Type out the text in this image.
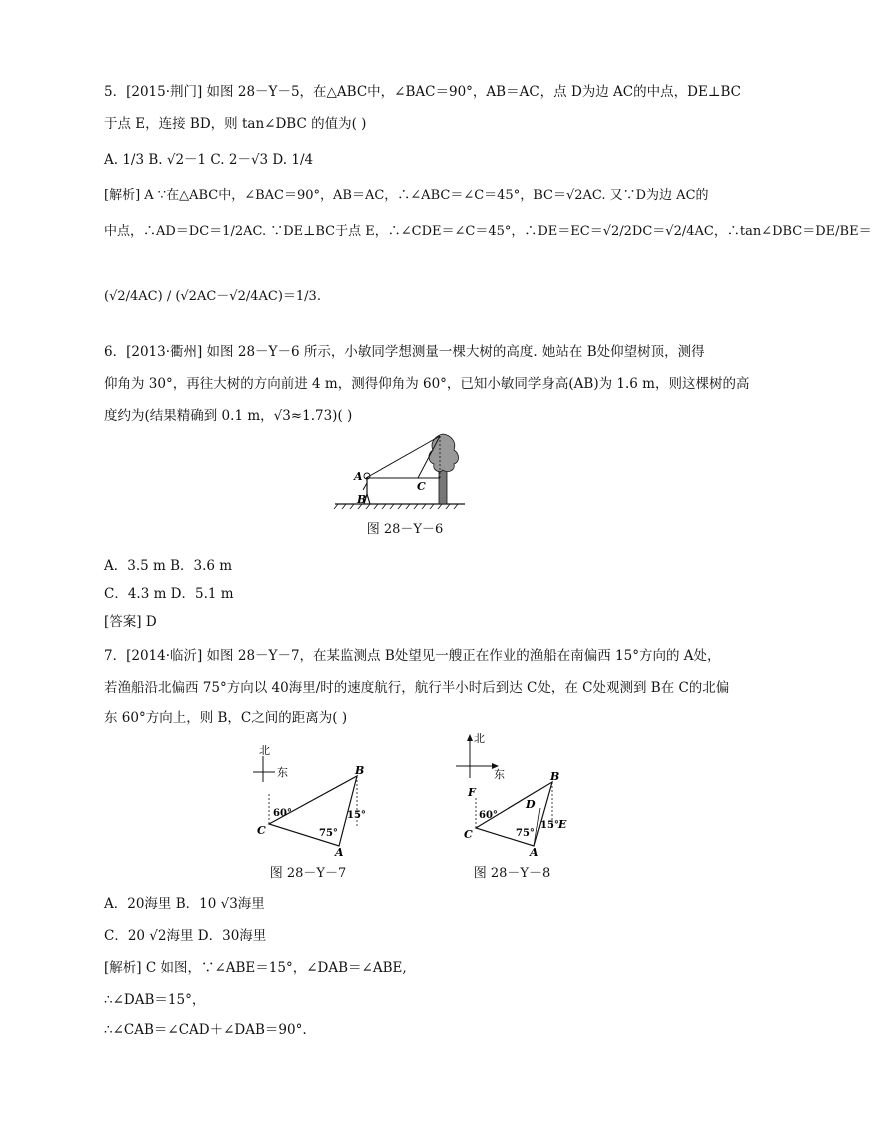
5．[2015·荆门] 如图 28－Y－5，在△ABC中，∠BAC＝90°，AB＝AC，点 D为边 AC的中点，DE⊥BC
于点 E，连接 BD，则 tan∠DBC 的值为( )
A. 1/3 B. √2－1 C. 2－√3 D. 1/4
[解析] A ∵在△ABC中，∠BAC＝90°，AB＝AC，∴∠ABC＝∠C＝45°，BC＝√2AC. 又∵D为边 AC的
中点，∴AD＝DC＝1/2AC. ∵DE⊥BC于点 E，∴∠CDE＝∠C＝45°，∴DE＝EC＝√2/2DC＝√2/4AC，∴tan∠DBC＝DE/BE＝
(√2/4AC) / (√2AC－√2/4AC)＝1/3.
6．[2013·衢州] 如图 28－Y－6 所示，小敏同学想测量一棵大树的高度. 她站在 B处仰望树顶，测得
仰角为 30°，再往大树的方向前进 4 m，测得仰角为 60°，已知小敏同学身高(AB)为 1.6 m，则这棵树的高
度约为(结果精确到 0.1 m，√3≈1.73)( )
A
B
C
图 28－Y－6
A．3.5 m B．3.6 m
C．4.3 m D．5.1 m
[答案] D
7．[2014·临沂] 如图 28－Y－7，在某监测点 B处望见一艘正在作业的渔船在南偏西 15°方向的 A处，
若渔船沿北偏西 75°方向以 40海里/时的速度航行，航行半小时后到达 C处，在 C处观测到 B在 C的北偏
东 60°方向上，则 B，C之间的距离为( )
北
东	B
C
A
60°
75°
15°
图 28－Y－7
北
东	B
C
A
D
E
F
60°
75°
15°
图 28－Y－8
A．20海里 B．10 √3海里
C．20 √2海里 D．30海里
[解析] C 如图，∵∠ABE＝15°，∠DAB＝∠ABE,
∴∠DAB＝15°，
∴∠CAB＝∠CAD＋∠DAB＝90°.
